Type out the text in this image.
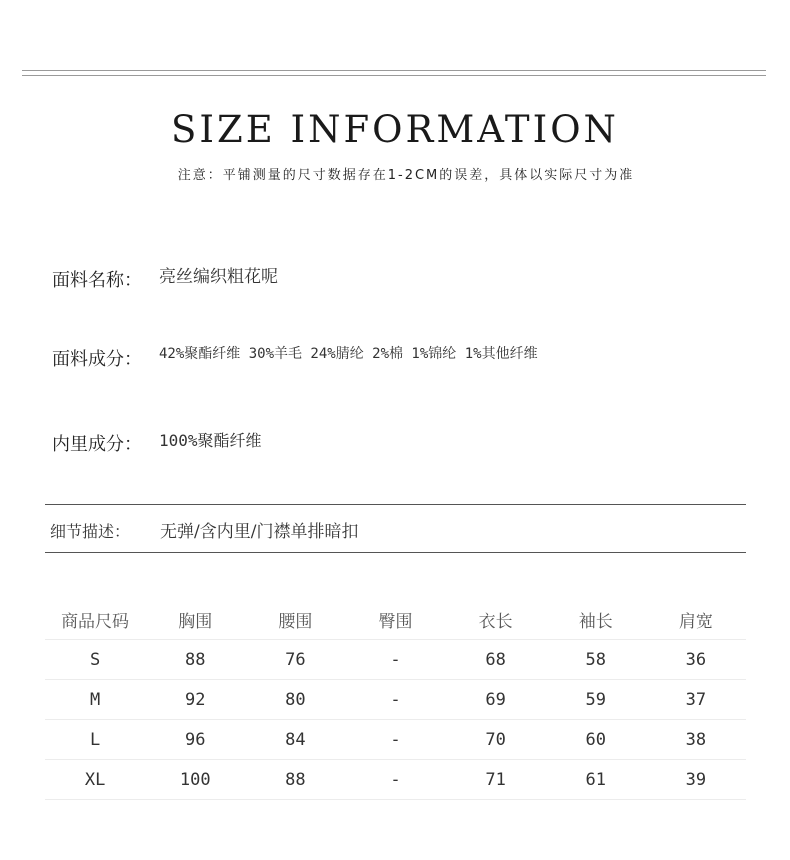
SIZE INFORMATION
注意：平铺测量的尺寸数据存在1-2CM的误差，具体以实际尺寸为准
面料名称： 亮丝编织粗花呢
面料成分： 42%聚酯纤维 30%羊毛 24%腈纶 2%棉 1%锦纶 1%其他纤维
内里成分： 100%聚酯纤维
细节描述： 无弹/含内里/门襟单排暗扣
商品尺码	胸围	腰围	臀围	衣长	袖长	肩宽
S	88	76	-	68	58	36
M	92	80	-	69	59	37
L	96	84	-	70	60	38
XL	100	88	-	71	61	39
